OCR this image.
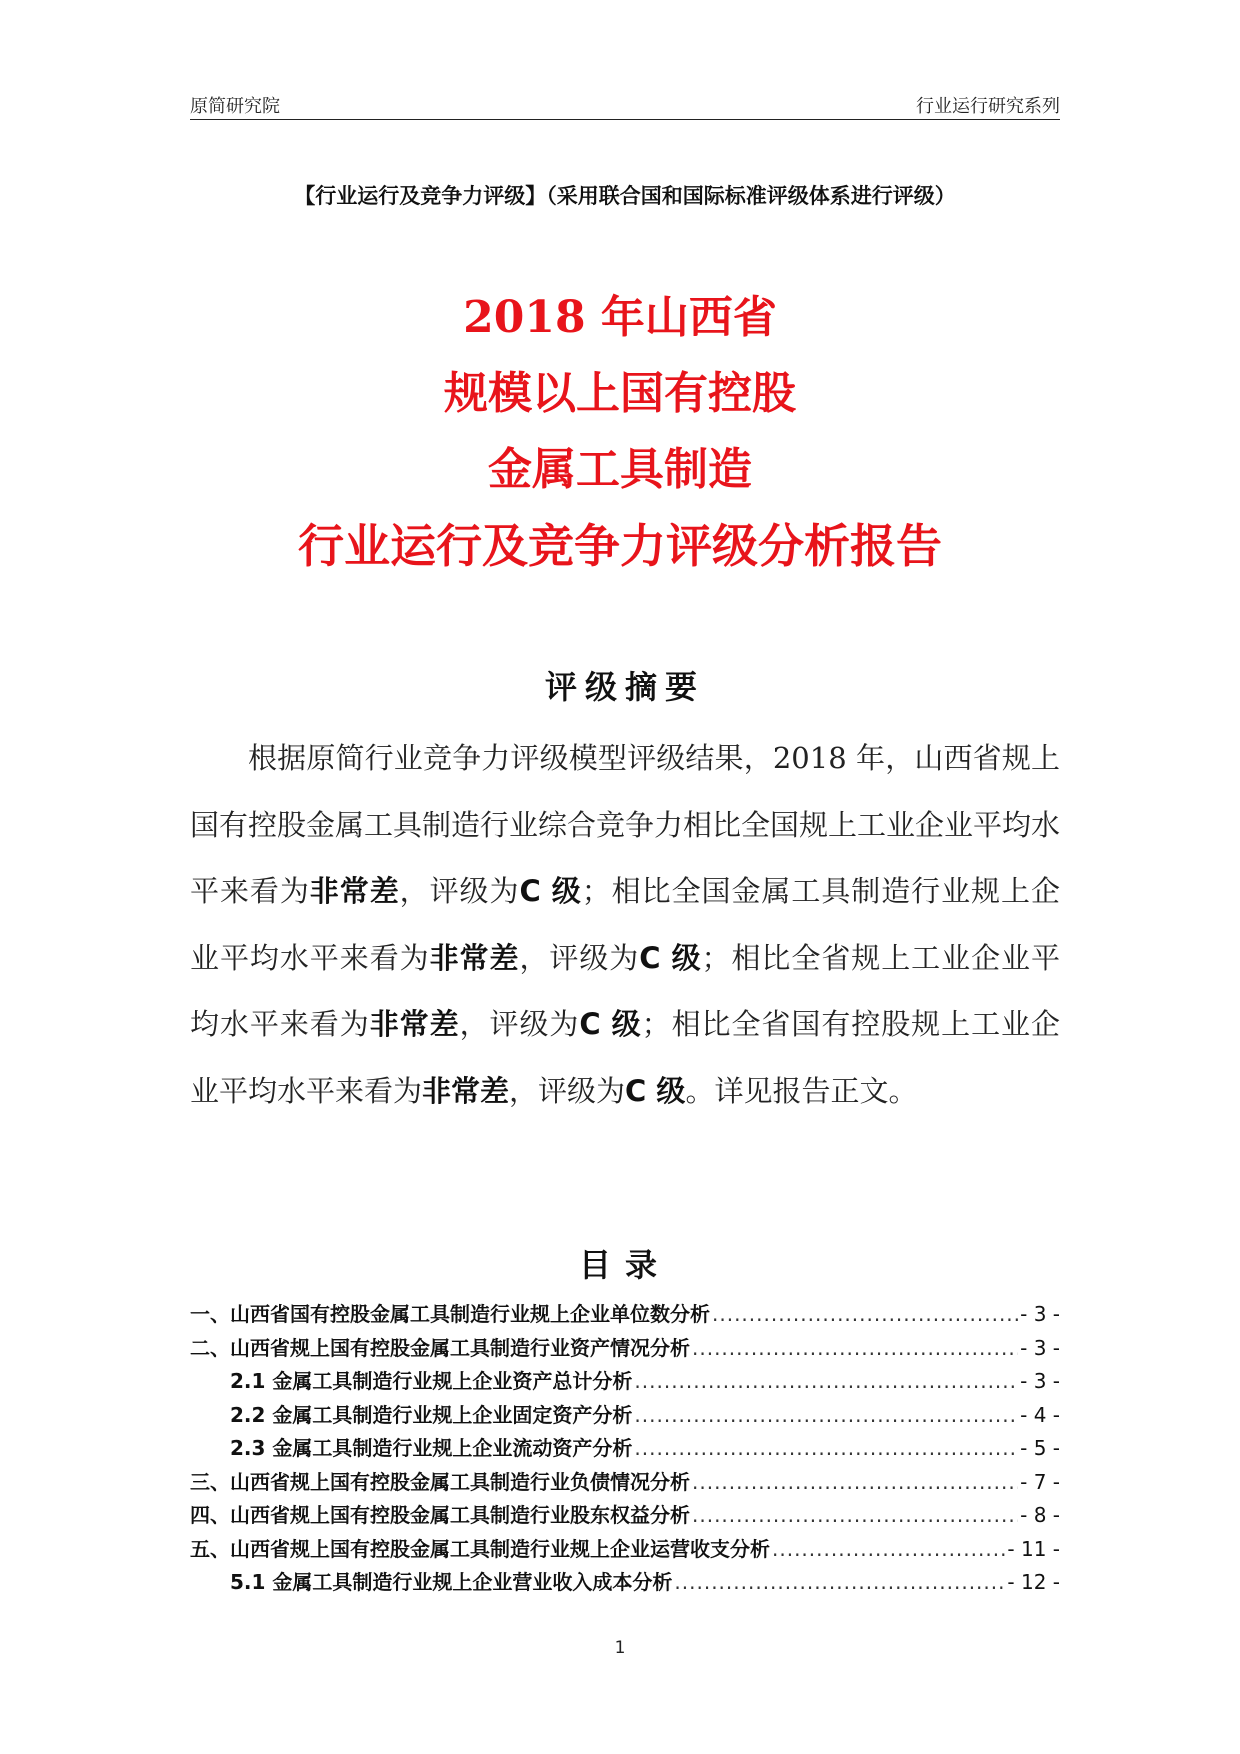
原简研究院	行业运行研究系列
【行业运行及竞争力评级】（采用联合国和国际标准评级体系进行评级）
2018 年山西省
规模以上国有控股
金属工具制造
行业运行及竞争力评级分析报告
评级摘要
根据原简行业竞争力评级模型评级结果，2018 年，山西省规上国有控股金属工具制造行业综合竞争力相比全国规上工业企业平均水平来看为非常差，评级为C 级；相比全国金属工具制造行业规上企业平均水平来看为非常差，评级为C 级；相比全省规上工业企业平均水平来看为非常差，评级为C 级；相比全省国有控股规上工业企业平均水平来看为非常差，评级为C 级。详见报告正文。
目录
一、山西省国有控股金属工具制造行业规上企业单位数分析 .....	- 3 -
二、山西省规上国有控股金属工具制造行业资产情况分析 .....	- 3 -
2.1 金属工具制造行业规上企业资产总计分析 .....	- 3 -
2.2 金属工具制造行业规上企业固定资产分析 .....	- 4 -
2.3 金属工具制造行业规上企业流动资产分析 .....	- 5 -
三、山西省规上国有控股金属工具制造行业负债情况分析 .....	- 7 -
四、山西省规上国有控股金属工具制造行业股东权益分析 .....	- 8 -
五、山西省规上国有控股金属工具制造行业规上企业运营收支分析 .....	- 11 -
5.1 金属工具制造行业规上企业营业收入成本分析 .....	- 12 -
1
